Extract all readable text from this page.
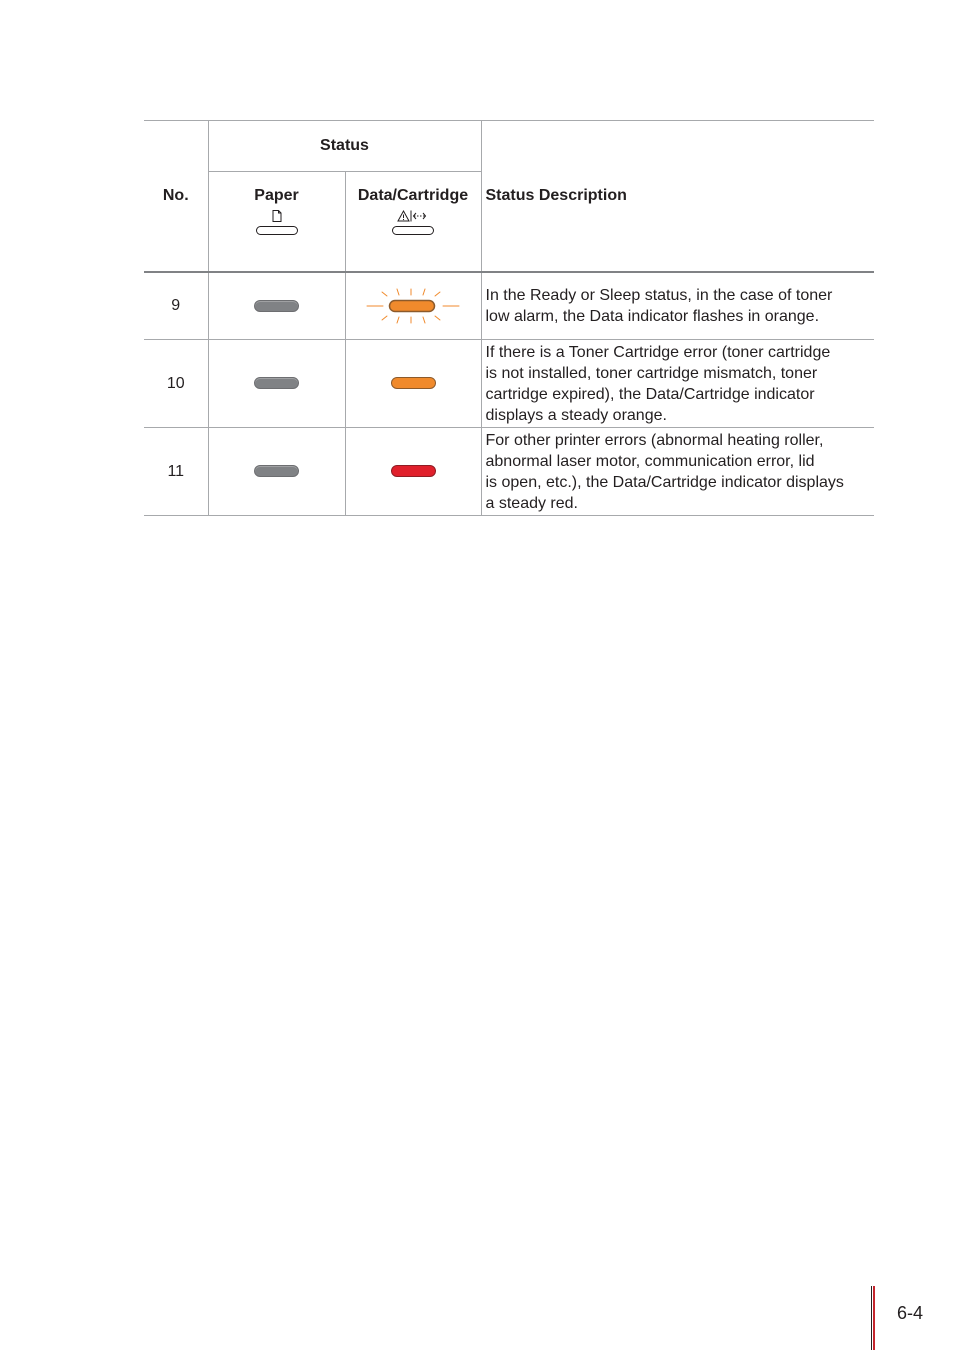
No.	Status		Status Description

	Paper	Data/Cartridge	

9			In the Ready or Sleep status, in the case of toner
low alarm, the Data indicator flashes in orange.

10			If there is a Toner Cartridge error (toner cartridge
is not installed, toner cartridge mismatch, toner
cartridge expired), the Data/Cartridge indicator
displays a steady orange.

11			For other printer errors (abnormal heating roller,
abnormal laser motor, communication error, lid
is open, etc.), the Data/Cartridge indicator displays
a steady red.
6-4
